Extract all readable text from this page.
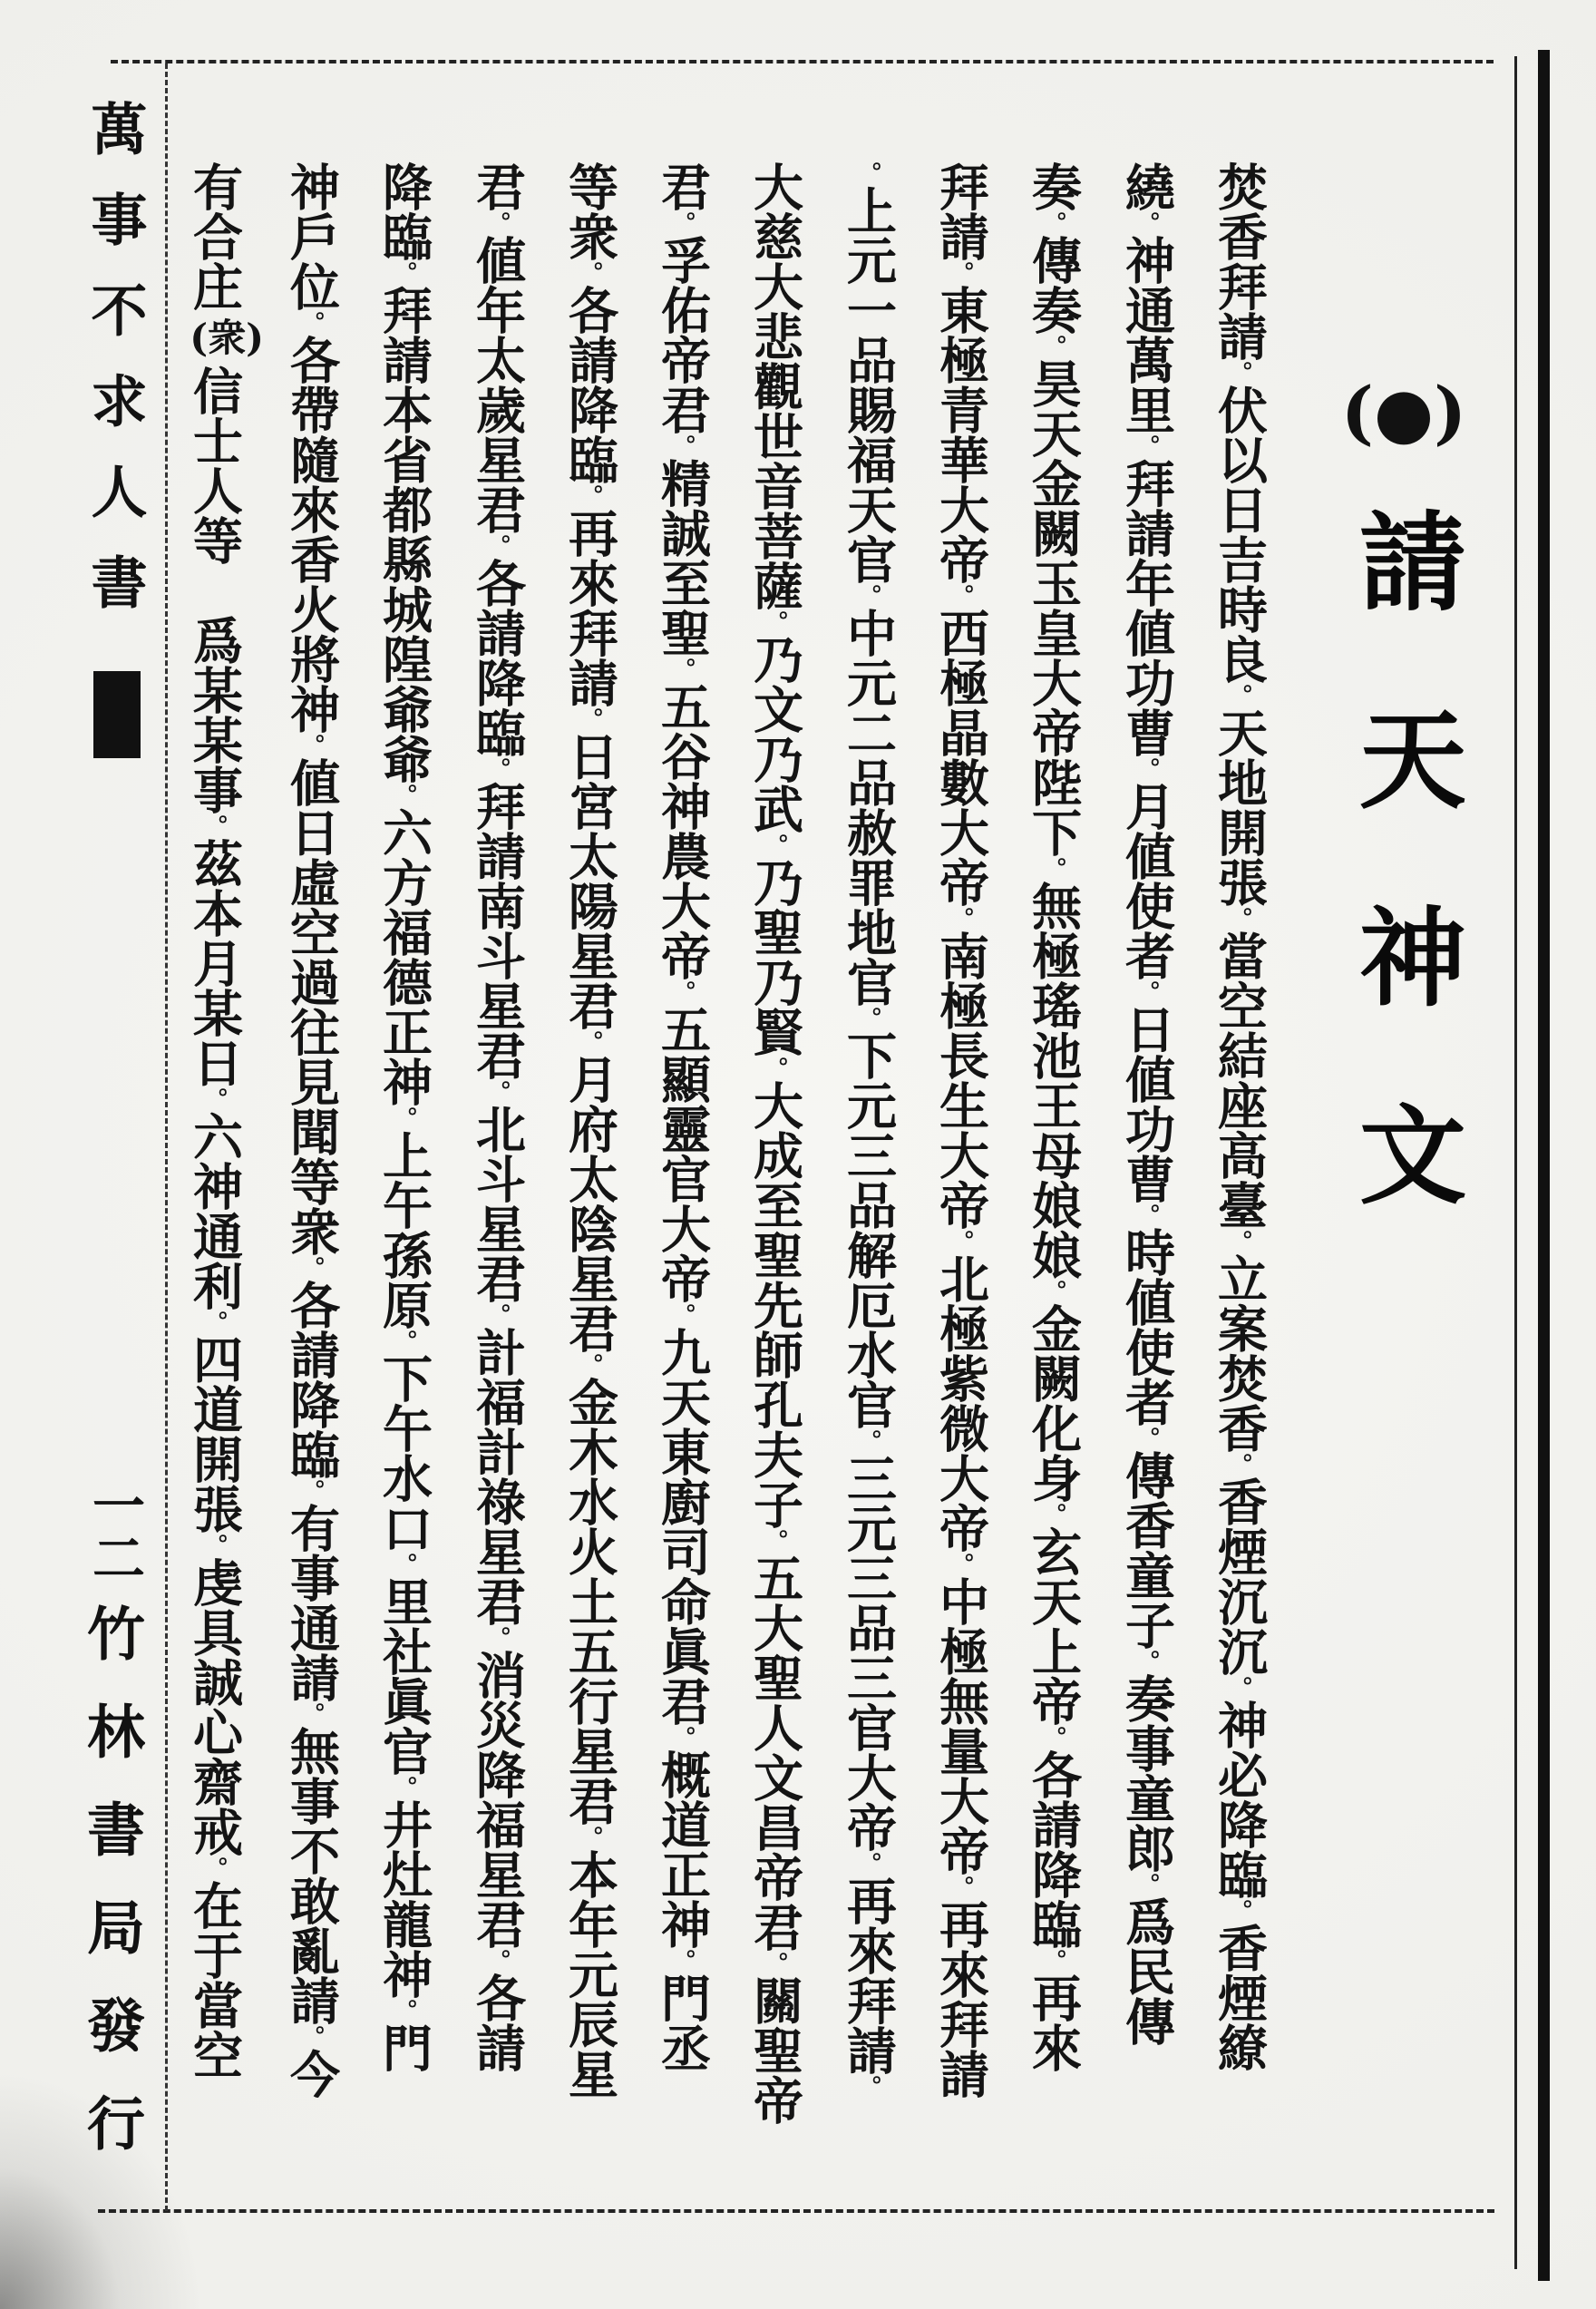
萬事不求人書
一二
竹林書局發行
(●)
請天神文
焚香拜請。伏以日吉時良。天地開張。當空結座高臺。立案焚香。香煙沉沉。神必降臨。香煙繚
繞。神通萬里。拜請年値功曹。月値使者。日値功曹。時値使者。傳香童子。奏事童郎。爲民傳
奏。傳奏。昊天金闕玉皇大帝陛下。無極瑤池王母娘娘。金闕化身。玄天上帝。各請降臨。再來
拜請。東極青華大帝。西極晶數大帝。南極長生大帝。北極紫微大帝。中極無量大帝。再來拜請
。上元一品賜福天官。中元二品赦罪地官。下元三品解厄水官。三元三品三官大帝。再來拜請。
大慈大悲觀世音菩薩。乃文乃武。乃聖乃賢。大成至聖先師孔夫子。五大聖人文昌帝君。關聖帝
君。孚佑帝君。精誠至聖。五谷神農大帝。五顯靈官大帝。九天東廚司命眞君。概道正神。門丞
等衆。各請降臨。再來拜請。日宮太陽星君。月府太陰星君。金木水火土五行星君。本年元辰星
君。値年太歲星君。各請降臨。拜請南斗星君。北斗星君。計福計祿星君。消災降福星君。各請
降臨。拜請本省都縣城隍爺爺。六方福德正神。上午孫原。下午水口。里社眞官。井灶龍神。門
神戶位。各帶隨來香火將神。値日虛空過往見聞等衆。各請降臨。有事通請。無事不敢亂請。今
有合庄(衆)信士人等　爲某某事。茲本月某日。六神通利。四道開張。虔具誠心齋戒。在于當空
